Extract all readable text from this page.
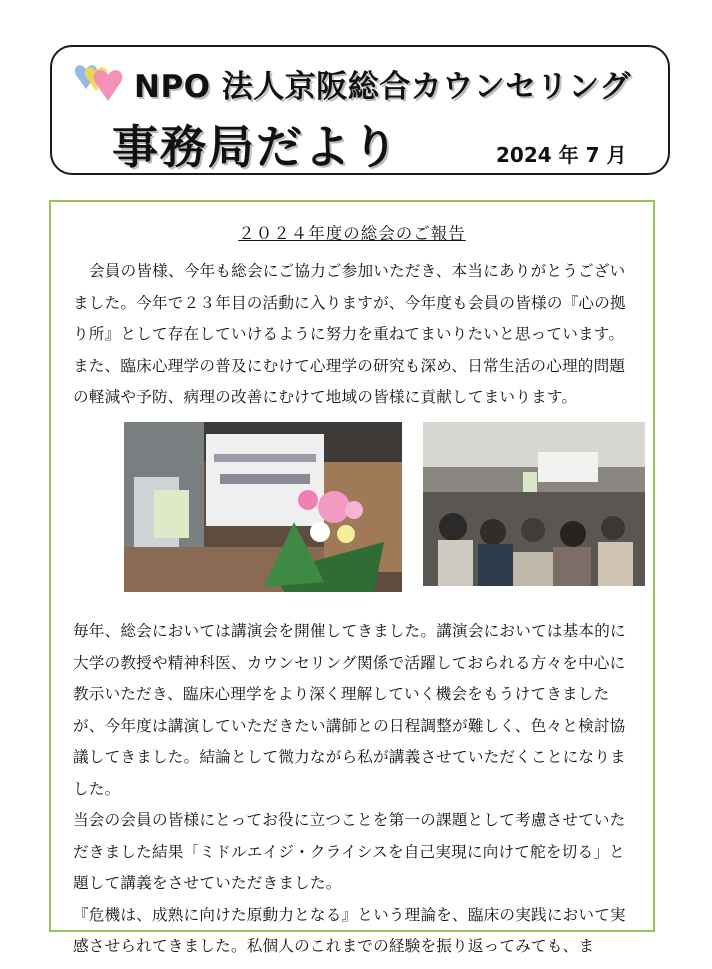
NPO 法人京阪総合カウンセリング
事務局だより	2024 年 7 月
２０２４年度の総会のご報告

会員の皆様、今年も総会にご協力ご参加いただき、本当にありがとうございました。今年で２３年目の活動に入りますが、今年度も会員の皆様の『心の拠り所』として存在していけるように努力を重ねてまいりたいと思っています。また、臨床心理学の普及にむけて心理学の研究も深め、日常生活の心理的問題の軽減や予防、病理の改善にむけて地域の皆様に貢献してまいります。

毎年、総会においては講演会を開催してきました。講演会においては基本的に大学の教授や精神科医、カウンセリング関係で活躍しておられる方々を中心に教示いただき、臨床心理学をより深く理解していく機会をもうけてきましたが、今年度は講演していただきたい講師との日程調整が難しく、色々と検討協議してきました。結論として微力ながら私が講義させていただくことになりました。
当会の会員の皆様にとってお役に立つことを第一の課題として考慮させていただきました結果「ミドルエイジ・クライシスを自己実現に向けて舵を切る」と題して講義をさせていただきました。
『危機は、成熟に向けた原動力となる』という理論を、臨床の実践において実感させられてきました。私個人のこれまでの経験を振り返ってみても、ま
